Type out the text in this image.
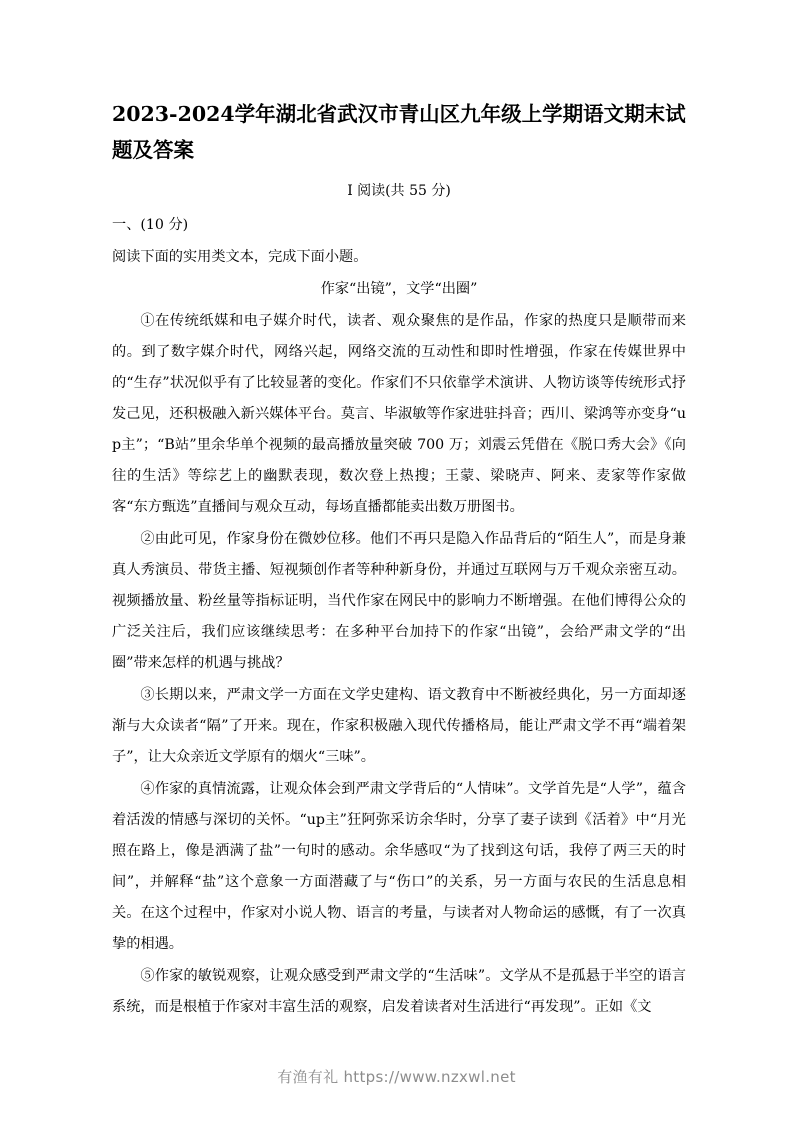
2023-2024学年湖北省武汉市青山区九年级上学期语文期末试题及答案
Ⅰ 阅读(共 55 分)

一、(10 分)

阅读下面的实用类文本，完成下面小题。

作家“出镜”，文学“出圈”

①在传统纸媒和电子媒介时代，读者、观众聚焦的是作品，作家的热度只是顺带而来的。到了数字媒介时代，网络兴起，网络交流的互动性和即时性增强，作家在传媒世界中的“生存”状况似乎有了比较显著的变化。作家们不只依靠学术演讲、人物访谈等传统形式抒发己见，还积极融入新兴媒体平台。莫言、毕淑敏等作家进驻抖音；西川、梁鸿等亦变身“up主”；“B站”里余华单个视频的最高播放量突破 700 万；刘震云凭借在《脱口秀大会》《向往的生活》等综艺上的幽默表现，数次登上热搜；王蒙、梁晓声、阿来、麦家等作家做客“东方甄选”直播间与观众互动，每场直播都能卖出数万册图书。

②由此可见，作家身份在微妙位移。他们不再只是隐入作品背后的“陌生人”，而是身兼真人秀演员、带货主播、短视频创作者等种种新身份，并通过互联网与万千观众亲密互动。视频播放量、粉丝量等指标证明，当代作家在网民中的影响力不断增强。在他们博得公众的广泛关注后，我们应该继续思考：在多种平台加持下的作家“出镜”，会给严肃文学的“出圈”带来怎样的机遇与挑战？

③长期以来，严肃文学一方面在文学史建构、语文教育中不断被经典化，另一方面却逐渐与大众读者“隔”了开来。现在，作家积极融入现代传播格局，能让严肃文学不再“端着架子”，让大众亲近文学原有的烟火“三味”。

④作家的真情流露，让观众体会到严肃文学背后的“人情味”。文学首先是“人学”，蕴含着活泼的情感与深切的关怀。“up主”狂阿弥采访余华时，分享了妻子读到《活着》中“月光照在路上，像是洒满了盐”一句时的感动。余华感叹“为了找到这句话，我停了两三天的时间”，并解释“盐”这个意象一方面潜藏了与“伤口”的关系，另一方面与农民的生活息息相关。在这个过程中，作家对小说人物、语言的考量，与读者对人物命运的感慨，有了一次真挚的相遇。

⑤作家的敏锐观察，让观众感受到严肃文学的“生活味”。文学从不是孤悬于半空的语言系统，而是根植于作家对丰富生活的观察，启发着读者对生活进行“再发现”。正如《文

有渔有礼 https://www.nzxwl.net
